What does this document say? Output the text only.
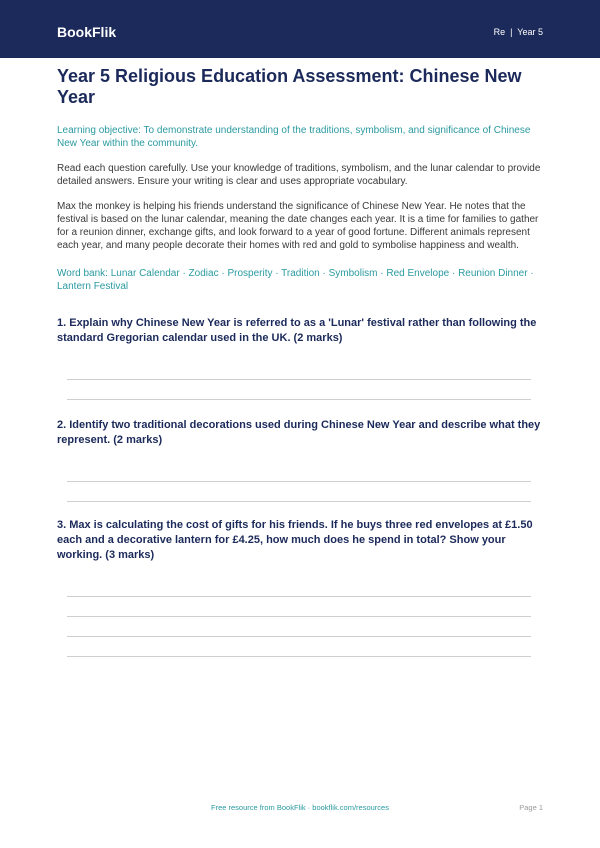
BookFlik	Re  |  Year 5
Year 5 Religious Education Assessment: Chinese New Year

Learning objective: To demonstrate understanding of the traditions, symbolism, and significance of Chinese New Year within the community.

Read each question carefully. Use your knowledge of traditions, symbolism, and the lunar calendar to provide detailed answers. Ensure your writing is clear and uses appropriate vocabulary.

Max the monkey is helping his friends understand the significance of Chinese New Year. He notes that the festival is based on the lunar calendar, meaning the date changes each year. It is a time for families to gather for a reunion dinner, exchange gifts, and look forward to a year of good fortune. Different animals represent each year, and many people decorate their homes with red and gold to symbolise happiness and wealth.

Word bank: Lunar Calendar · Zodiac · Prosperity · Tradition · Symbolism · Red Envelope · Reunion Dinner · Lantern Festival

1. Explain why Chinese New Year is referred to as a 'Lunar' festival rather than following the standard Gregorian calendar used in the UK. (2 marks)
2. Identify two traditional decorations used during Chinese New Year and describe what they represent. (2 marks)
3. Max is calculating the cost of gifts for his friends. If he buys three red envelopes at £1.50 each and a decorative lantern for £4.25, how much does he spend in total? Show your working. (3 marks)
Free resource from BookFlik · bookflik.com/resources	Page 1
